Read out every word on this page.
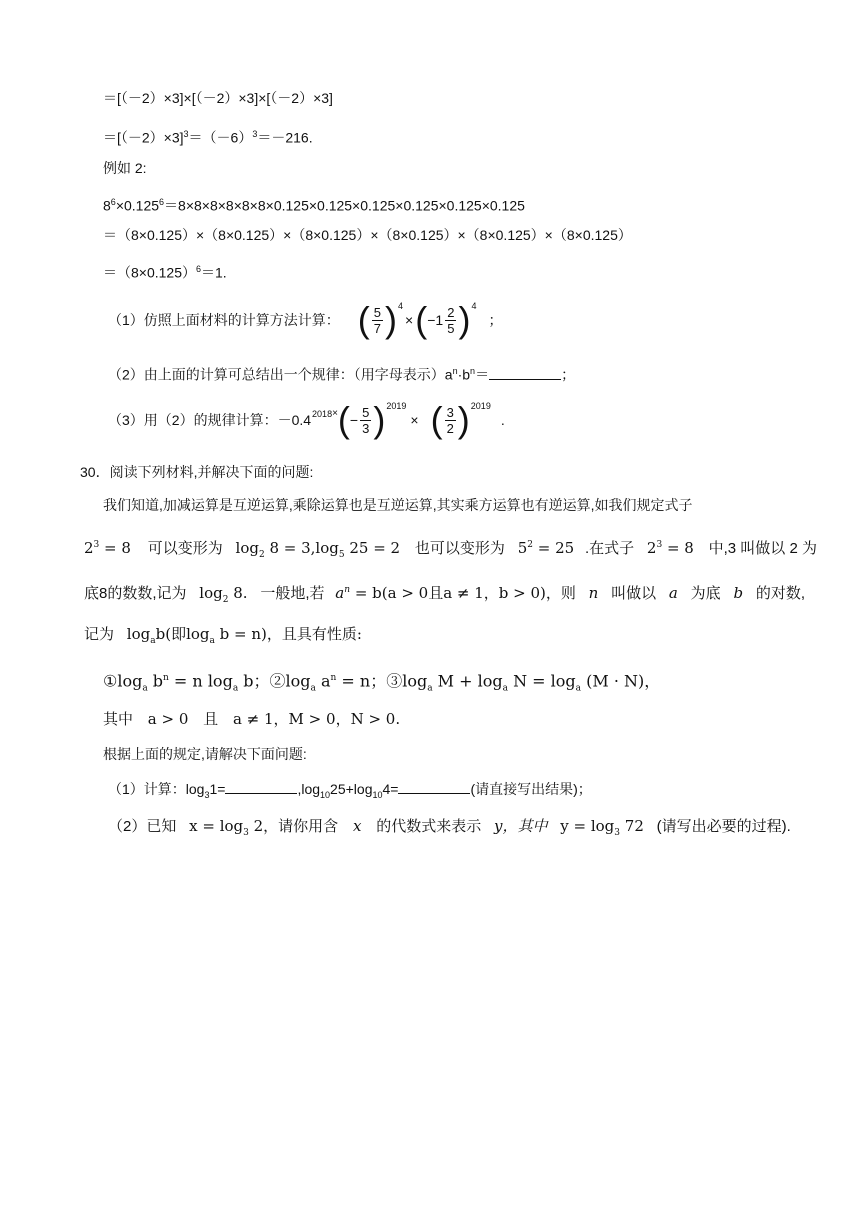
＝[（－2）×3]×[（－2）×3]×[（－2）×3]
$=[(-2)\times 3]^3=(-6)^3=-216$.
例如 2:
$8^6\times 0.125^6=8\times 8\times 8\times 8\times 8\times 8\times 0.125\times 0.125\times 0.125\times 0.125\times 0.125\times 0.125$
＝（8×0.125）×（8×0.125）×（8×0.125）×（8×0.125）×（8×0.125）×（8×0.125）
$=(8\times 0.125)^6=1$.
（1）仿照上面材料的计算方法计算： ( $\frac{5}{7}$ ) 4
× ( $-1 \frac{2}{5}$ ) 4
；
（2）由上面的计算可总结出一个规律：（用字母表示）$a^n\cdot b^n=$	；
（3）用（2）的规律计算：－0.4 2018 × ( − $\frac{5}{3}$ ) 2019
× ( $\frac{3}{2}$ ) 2019
.
30．阅读下列材料,并解决下面的问题:
我们知道,加减运算是互逆运算,乘除运算也是互逆运算,其实乘方运算也有逆运算,如我们规定式子
$2^3 = 8$ 可以变形为 $\log_2 8 = 3,\log_5$ 25 = 2 也可以变形为 $5^2 = 25$ .在式子 $2^3 = 8$ 中,3 叫做以 2 为
底8的数数,记为 $\log_2 8$. 一般地,若 $a^n = b(a > 0$且a ≠ 1，b > 0)，则 n 叫做以 a 为底 b 的对数,
记为 $\log_ab$(即$\log_a b = n$)，且具有性质:
$①\log_a$ $b^n = n$ $\log_a b$；$②\log_a$ $a^n = n$；$③\log_a$ $M + \log_a N = \log_a (M \cdot N)$，
其中 a > 0 且 a ≠ 1，M > 0，N > 0.
根据上面的规定,请解决下面问题:
（1）计算：$\log_31=$	$,\log_{10}25+\log_{10}4=$	(请直接写出结果)；
（2）已知 $x = \log_3 2$，请你用含 x 的代数式来表示 y，其中 $y = \log_3 72$ (请写出必要的过程).
